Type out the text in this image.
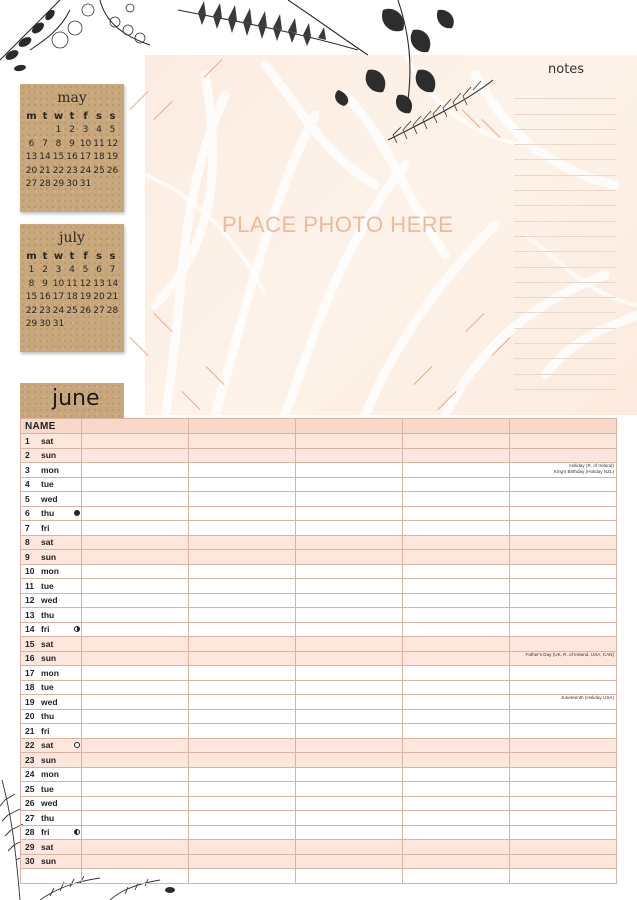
PLACE PHOTO HERE
notes
may
m	t	w	t	f	s	s
		1	2	3	4	5
6	7	8	9	10	11	12
13	14	15	16	17	18	19
20	21	22	23	24	25	26
27	28	29	30	31		
july
m	t	w	t	f	s	s
1	2	3	4	5	6	7
8	9	10	11	12	13	14
15	16	17	18	19	20	21
22	23	24	25	26	27	28
29	30	31				
june
NAME					
1 sat					
2 sun					
3 mon					Holiday (R. of Ireland)
King's Birthday (Holiday NZL)

4 tue					
5 wed					
6 thu

7 fri					
8 sat					
9 sun					
10 mon					
11 tue					
12 wed					
13 thu					
14 fri

15 sat					
16 sun					Father's Day (UK, R. of Ireland, USA, CAN)

17 mon					
18 tue					
19 wed					Juneteenth (Holiday USA)

20 thu					
21 fri					
22 sat

23 sun					
24 mon					
25 tue					
26 wed					
27 thu					
28 fri

29 sat					
30 sun					
